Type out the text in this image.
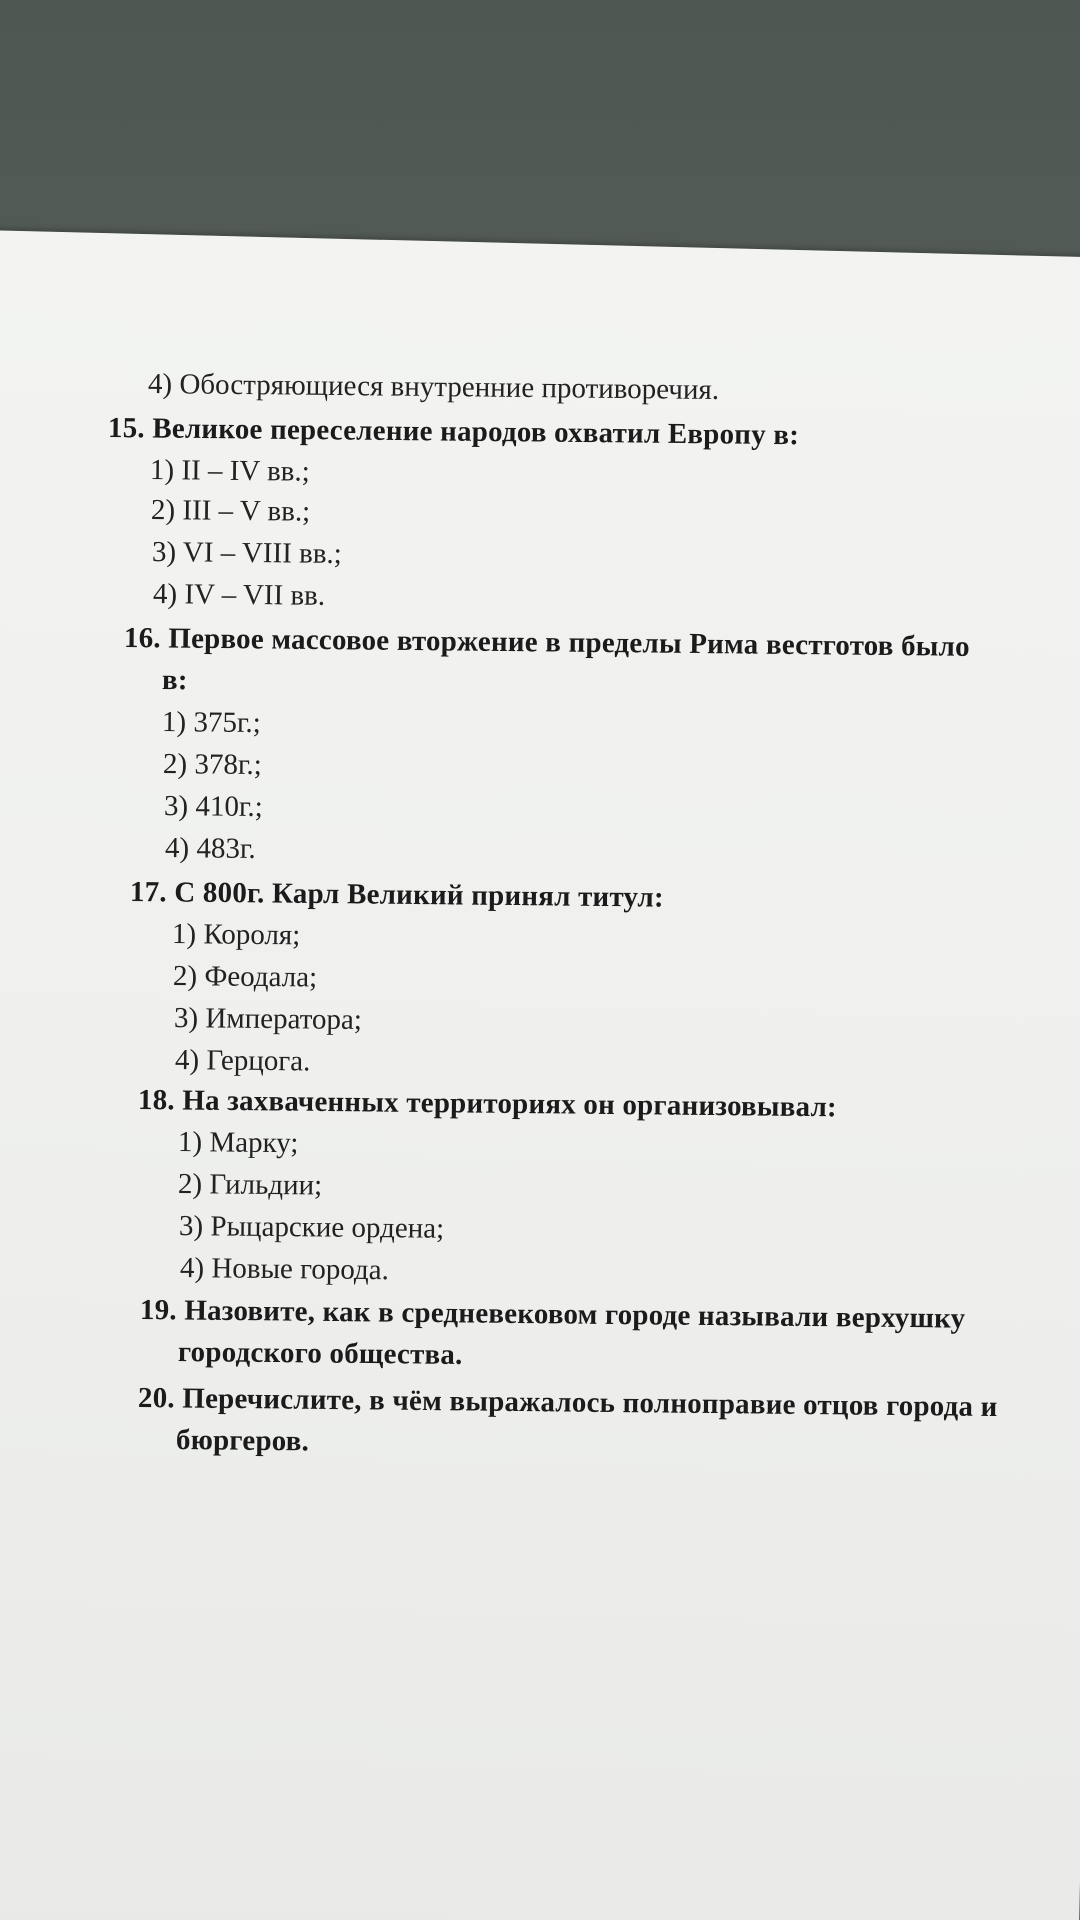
4) Обостряющиеся внутренние противоречия.
15. Великое переселение народов охватил Европу в:
1) II – IV вв.;
2) III – V вв.;
3) VI – VIII вв.;
4) IV – VII вв.
16. Первое массовое вторжение в пределы Рима вестготов было
в:
1) 375г.;
2) 378г.;
3) 410г.;
4) 483г.
17. С 800г. Карл Великий принял титул:
1) Короля;
2) Феодала;
3) Императора;
4) Герцога.
18. На захваченных территориях он организовывал:
1) Марку;
2) Гильдии;
3) Рыцарские ордена;
4) Новые города.
19. Назовите, как в средневековом городе называли верхушку
городского общества.
20. Перечислите, в чём выражалось полноправие отцов города и
бюргеров.
